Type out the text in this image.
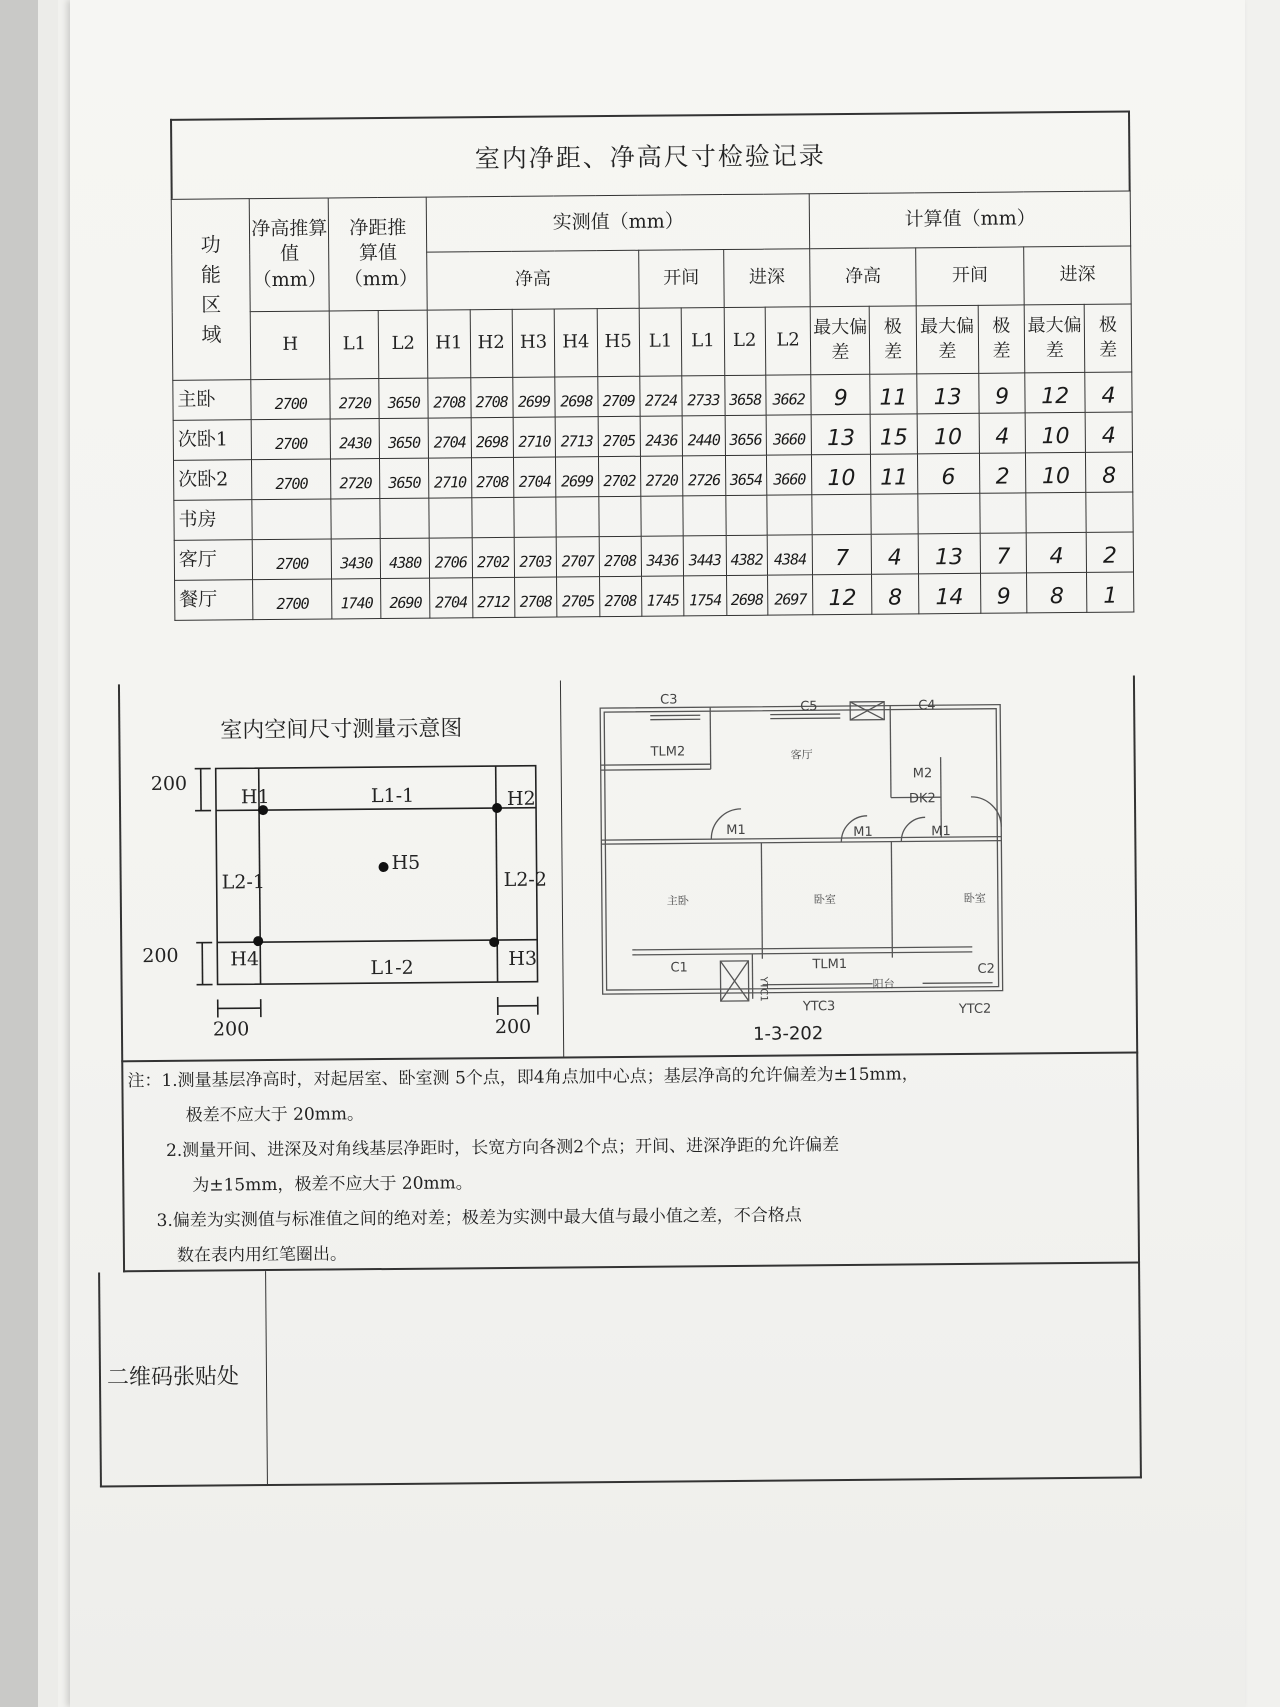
室内净距、净高尺寸检验记录
功能区域	净高推算值（mm）	净距推算值（mm）		实测值（mm）									计算值（mm）					
				净高					开间		进深		净高		开间		进深	
	H	L1	L2	H1	H2	H3	H4	H5	L1	L1	L2	L2	最大偏差	极差	最大偏差	极差	最大偏差	极差
主卧	2700	2720	3650	2708	2708	2699	2698	2709	2724	2733	3658	3662	9	11	13	9	12	4
次卧1	2700	2430	3650	2704	2698	2710	2713	2705	2436	2440	3656	3660	13	15	10	4	10	4
次卧2	2700	2720	3650	2710	2708	2704	2699	2702	2720	2726	3654	3660	10	11	6	2	10	8
书房																		
客厅	2700	3430	4380	2706	2702	2703	2707	2708	3436	3443	4382	4384	7	4	13	7	4	2
餐厅	2700	1740	2690	2704	2712	2708	2705	2708	1745	1754	2698	2697	12	8	14	9	8	1
室内空间尺寸测量示意图
200
200
200	200
H1	H2
H3
H4
H5
L1-1
L1-2
L2-1	L2-2
C3	C5	C4
TLM2	客厅
M2
DK2
M1	M1	M1
主卧	卧室	卧室
C1	TLM1	C2
YTC1	阳台
YTC3	YTC2
1-3-202

注：1.测量基层净高时，对起居室、卧室测 5个点，即4角点加中心点；基层净高的允许偏差为±15mm，

极差不应大于 20mm。

2.测量开间、进深及对角线基层净距时，长宽方向各测2个点；开间、进深净距的允许偏差

为±15mm，极差不应大于 20mm。

3.偏差为实测值与标准值之间的绝对差；极差为实测中最大值与最小值之差，不合格点

数在表内用红笔圈出。

二维码张贴处
